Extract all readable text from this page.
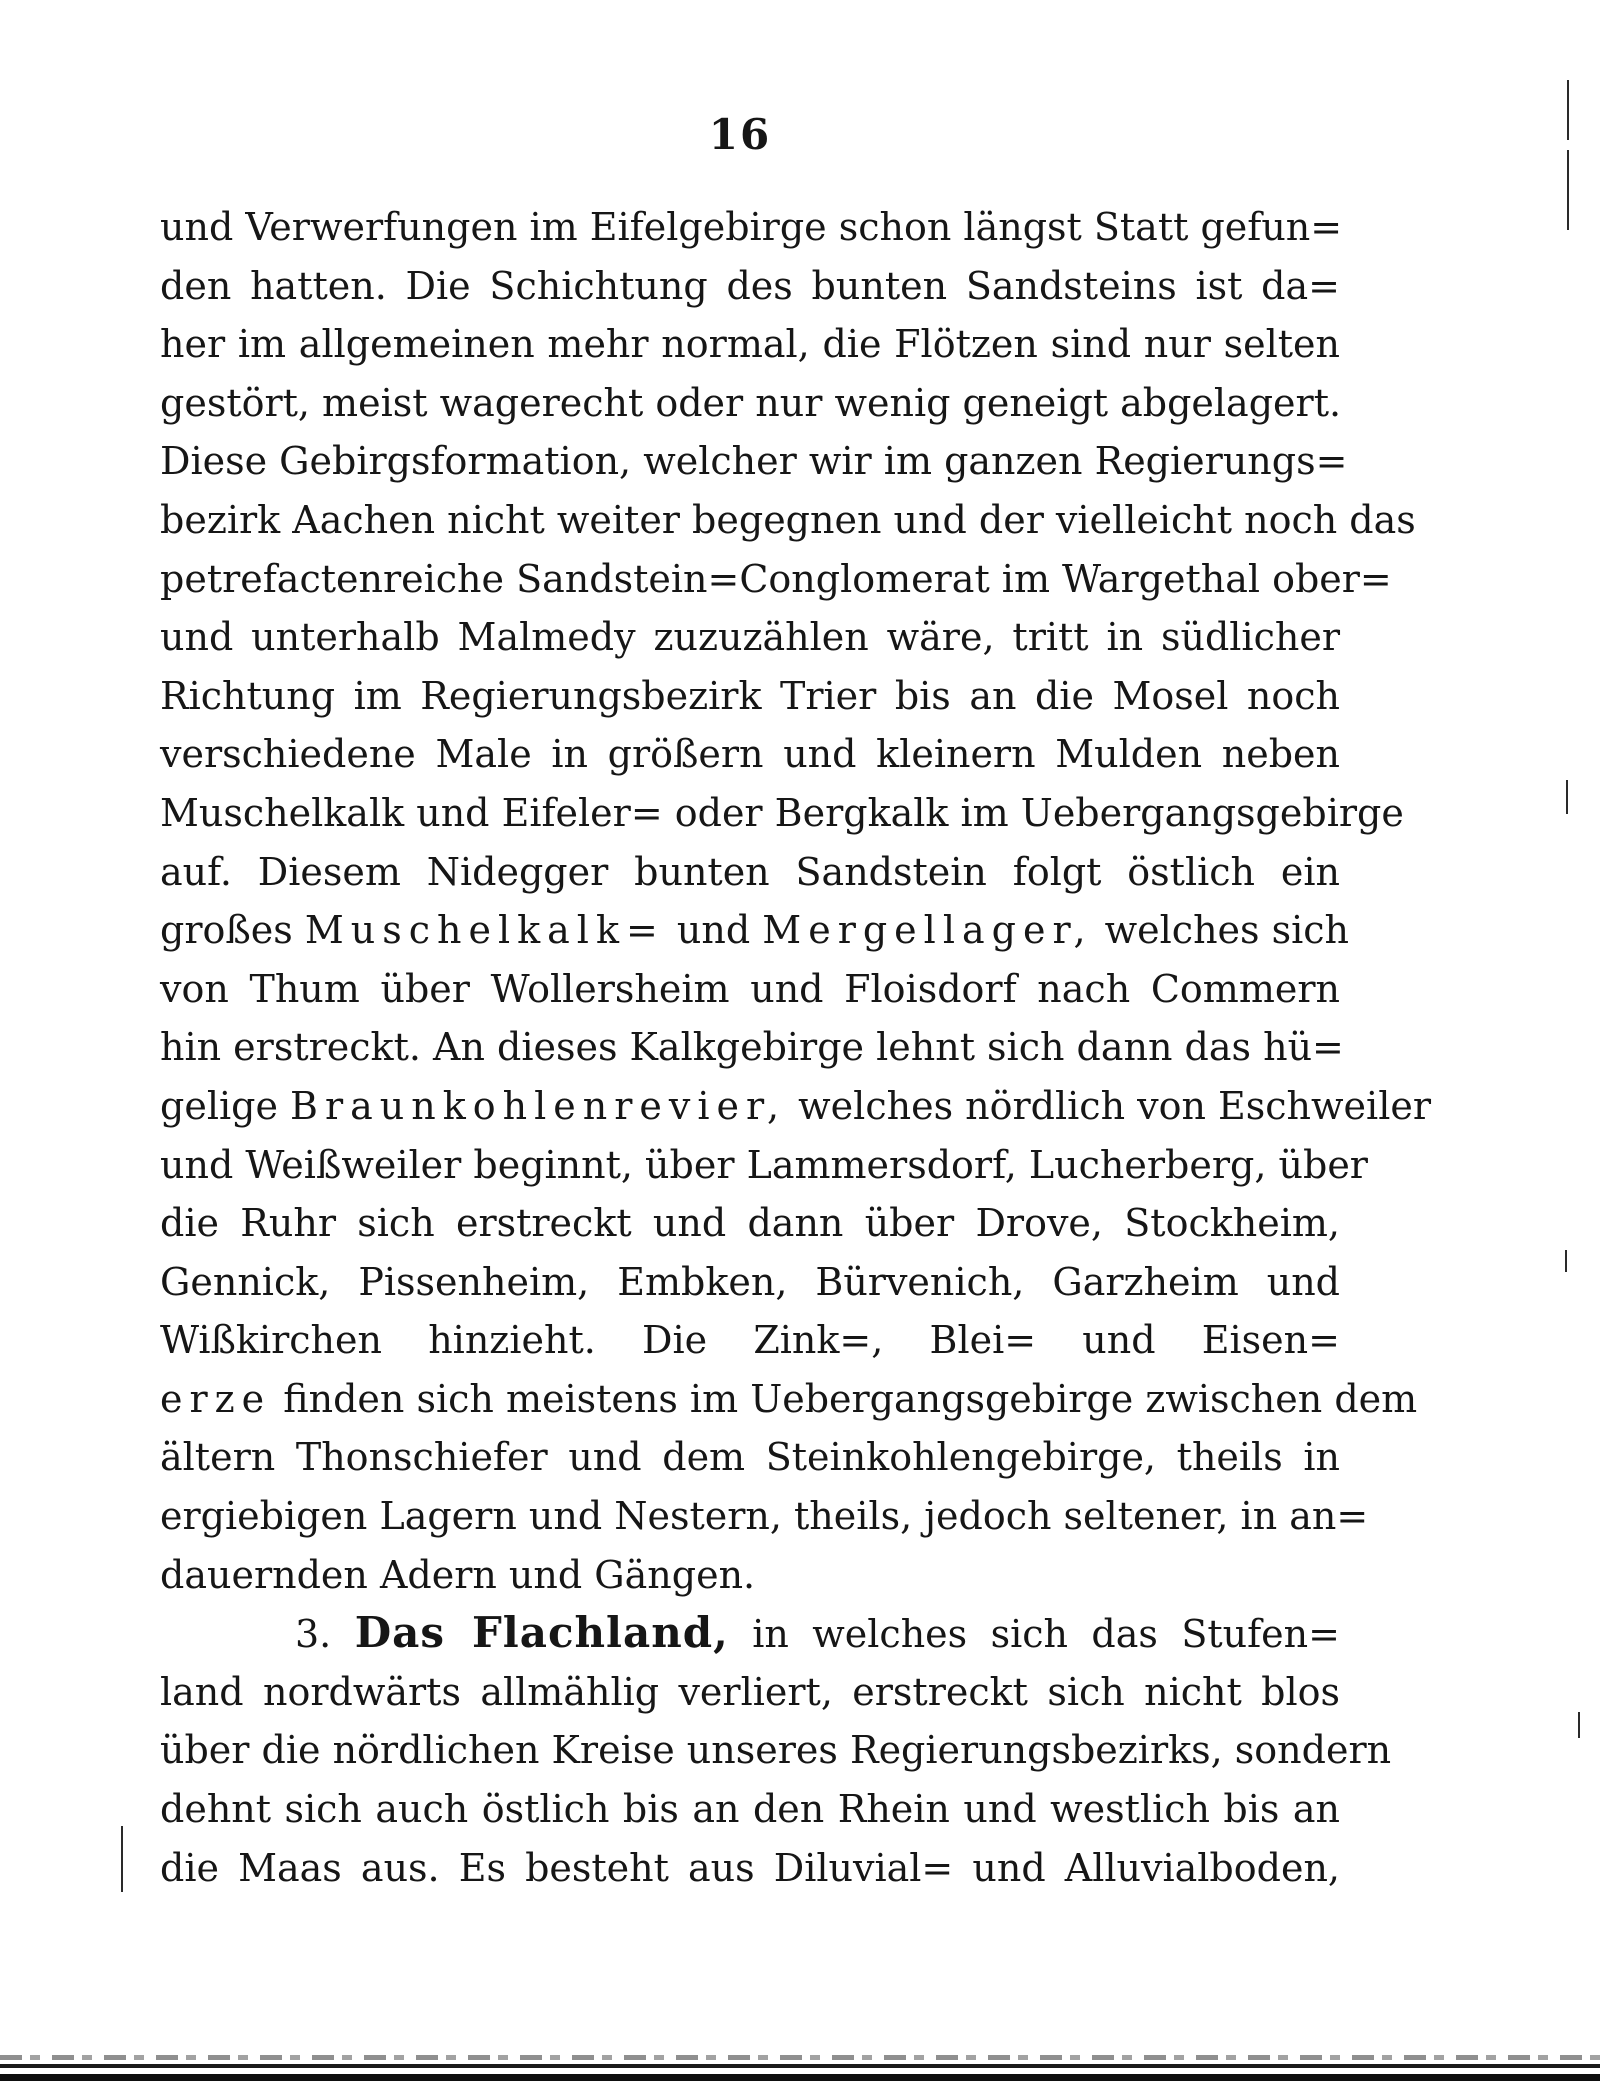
16
und Verwerfungen im Eifelgebirge schon längst Statt gefun=
den hatten. Die Schichtung des bunten Sandsteins ist da=
her im allgemeinen mehr normal, die Flötzen sind nur selten
gestört, meist wagerecht oder nur wenig geneigt abgelagert.
Diese Gebirgsformation, welcher wir im ganzen Regierungs=
bezirk Aachen nicht weiter begegnen und der vielleicht noch das
petrefactenreiche Sandstein=Conglomerat im Wargethal ober=
und unterhalb Malmedy zuzuzählen wäre, tritt in südlicher
Richtung im Regierungsbezirk Trier bis an die Mosel noch
verschiedene Male in größern und kleinern Mulden neben
Muschelkalk und Eifeler= oder Bergkalk im Uebergangsgebirge
auf. Diesem Nidegger bunten Sandstein folgt östlich ein
großes Muschelkalk= und Mergellager, welches sich
von Thum über Wollersheim und Floisdorf nach Commern
hin erstreckt. An dieses Kalkgebirge lehnt sich dann das hü=
gelige Braunkohlenrevier, welches nördlich von Eschweiler
und Weißweiler beginnt, über Lammersdorf, Lucherberg, über
die Ruhr sich erstreckt und dann über Drove, Stockheim,
Gennick, Pissenheim, Embken, Bürvenich, Garzheim und
Wißkirchen hinzieht. Die Zink=, Blei= und Eisen=
erze finden sich meistens im Uebergangsgebirge zwischen dem
ältern Thonschiefer und dem Steinkohlengebirge, theils in
ergiebigen Lagern und Nestern, theils, jedoch seltener, in an=
dauernden Adern und Gängen.
3. Das Flachland, in welches sich das Stufen=
land nordwärts allmählig verliert, erstreckt sich nicht blos
über die nördlichen Kreise unseres Regierungsbezirks, sondern
dehnt sich auch östlich bis an den Rhein und westlich bis an
die Maas aus. Es besteht aus Diluvial= und Alluvialboden,
